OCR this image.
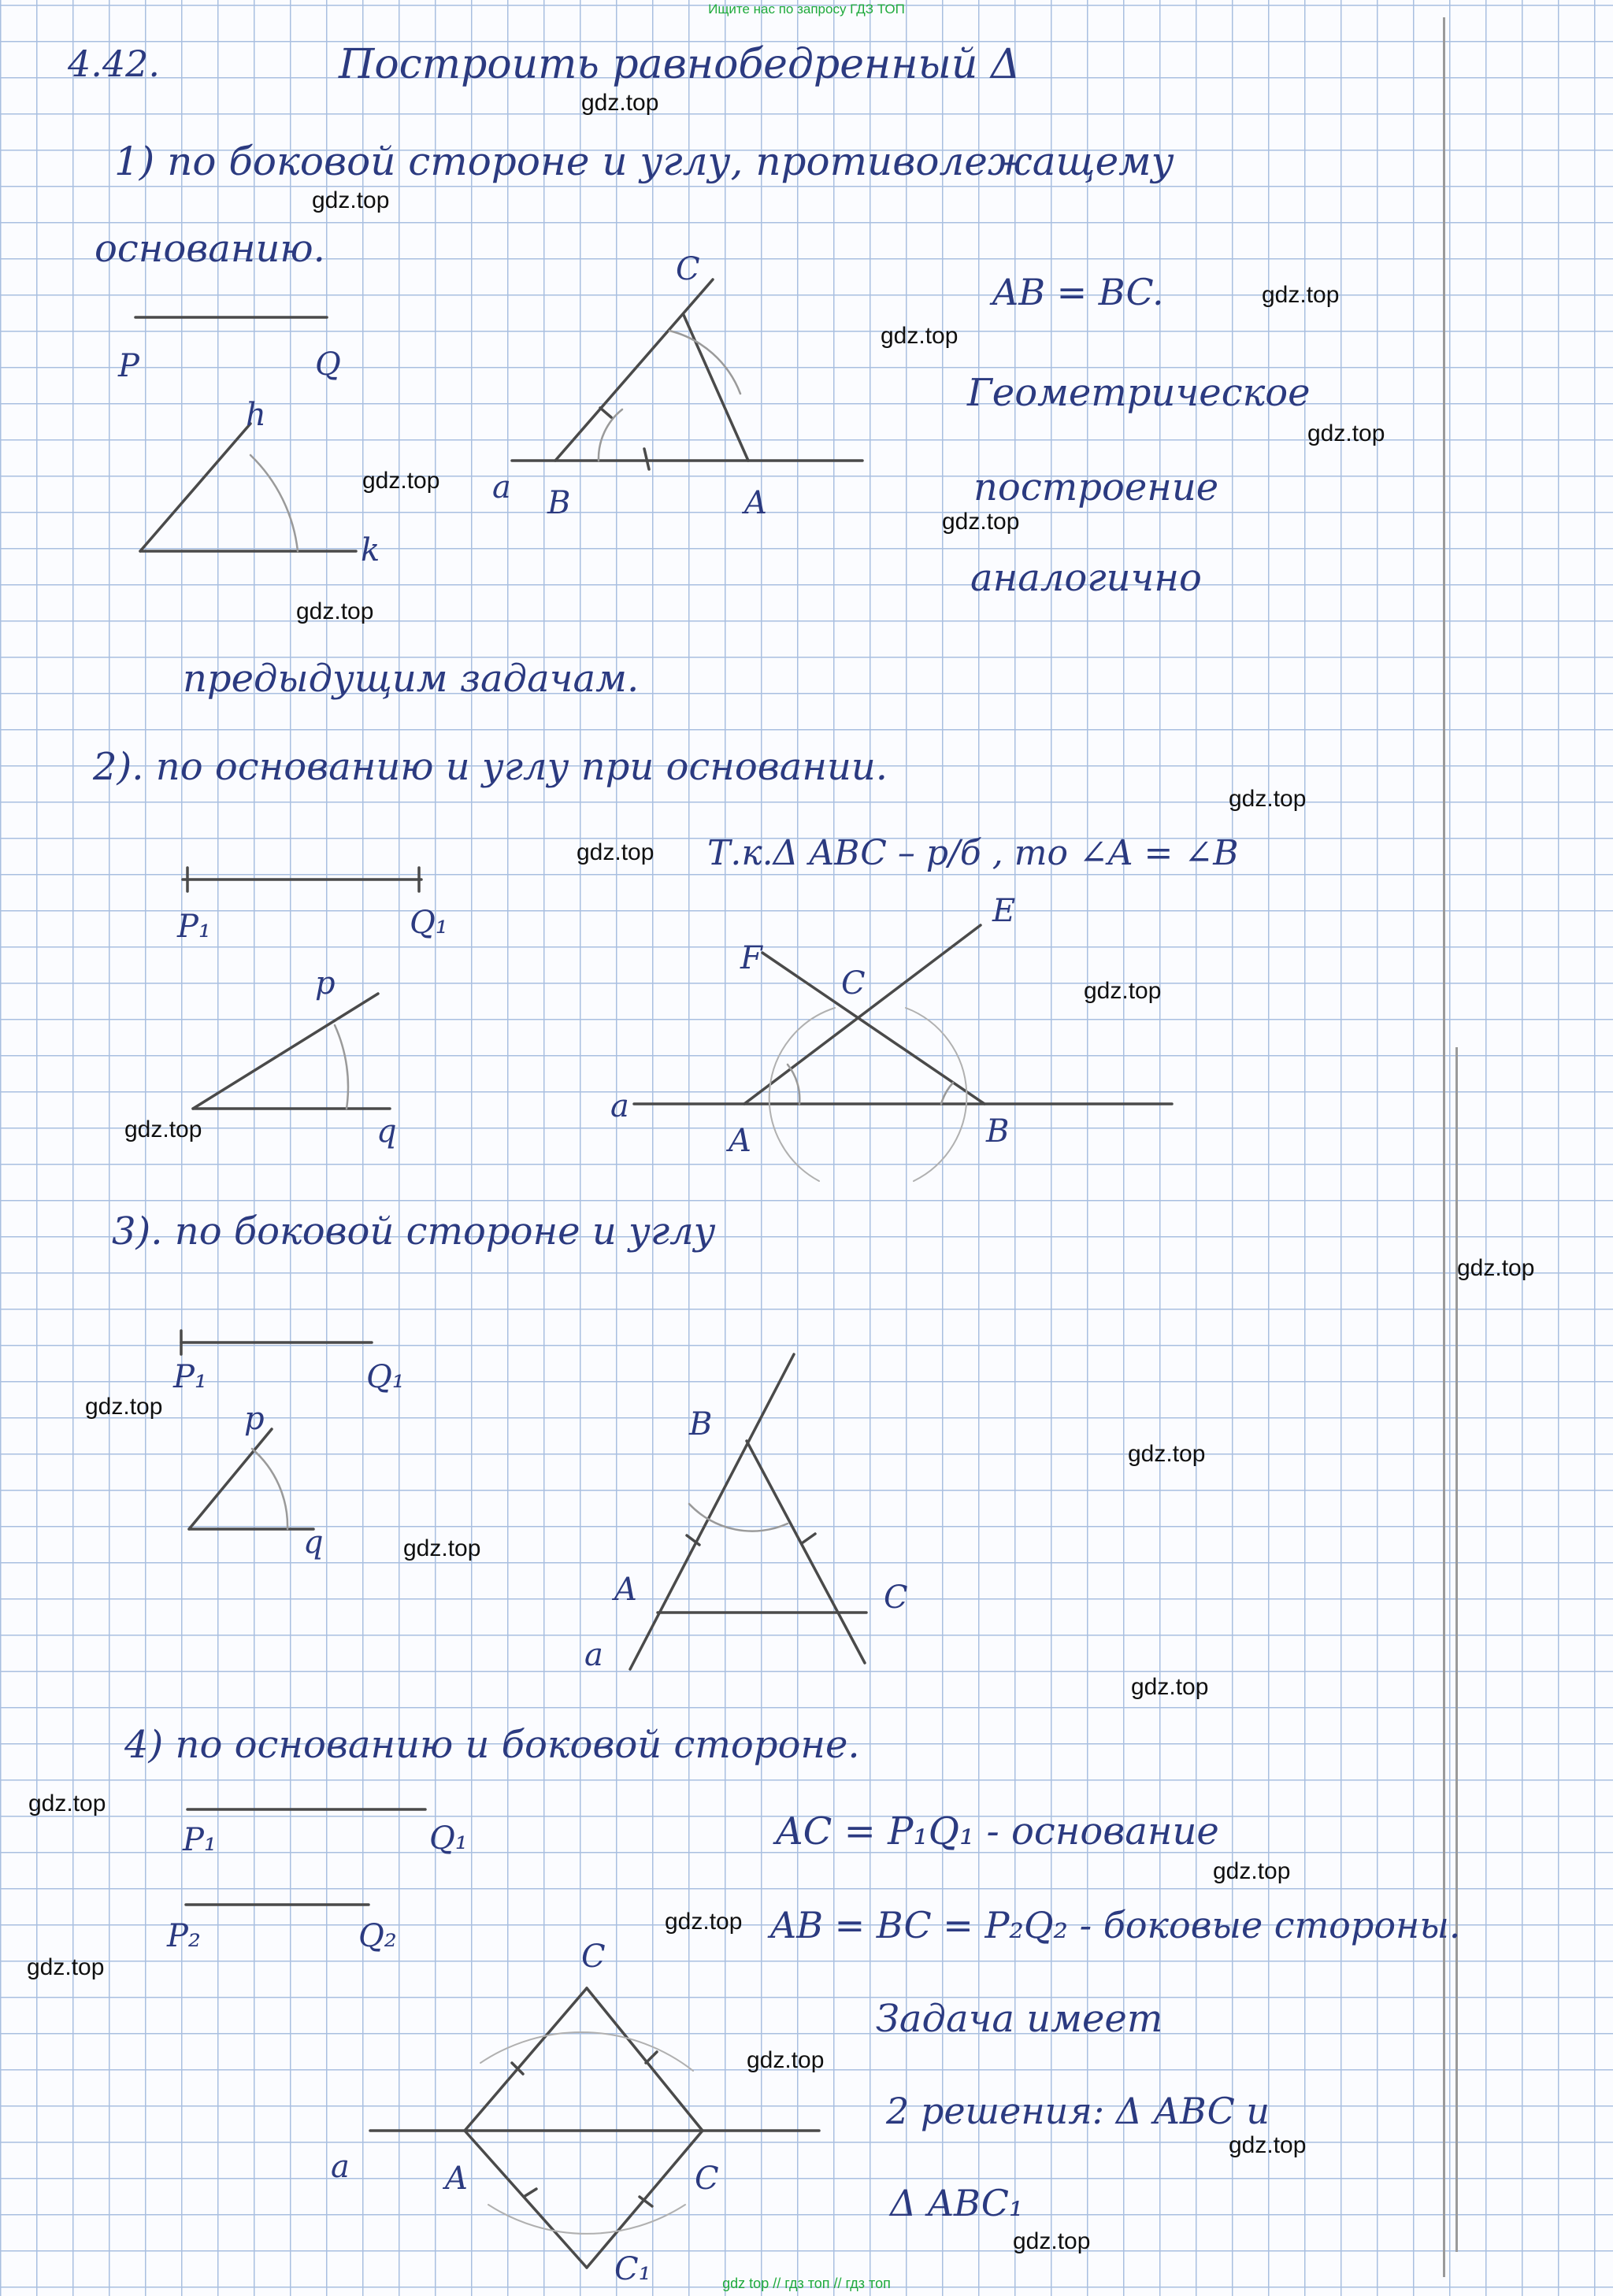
Ищите нас по запросу ГДЗ ТОП
gdz top // гдз топ // гдз топ
4.42.	Построить равнобедренный Δ
1) по боковой стороне и углу, противолежащему
основанию.
AB = BC.
Геометрическое
построение
аналогично
предыдущим задачам.
2). по основанию и углу при основании.
Т.к.Δ ABC – р/б , то ∠A = ∠B
3). по боковой стороне и углу
4) по основанию и боковой стороне.
AC = P₁Q₁ - основание
AB = BC = P₂Q₂ - боковые стороны.
Задача имеет
2 решения: Δ ABC и
Δ ABC₁
P	Q
h
k
C
a B	A
P₁	Q₁
p
q
E
F
C
a
A	B
P₁	Q₁
p
q
B
A	C
a
P₁	Q₁
P₂	Q₂
C
a	A	C
C₁
gdz.top
gdz.top
gdz.top
gdz.top
gdz.top
gdz.top
gdz.top
gdz.top
gdz.top
gdz.top
gdz.top
gdz.top
gdz.top
gdz.top
gdz.top
gdz.top
gdz.top
gdz.top
gdz.top
gdz.top
gdz.top
gdz.top
gdz.top
gdz.top
